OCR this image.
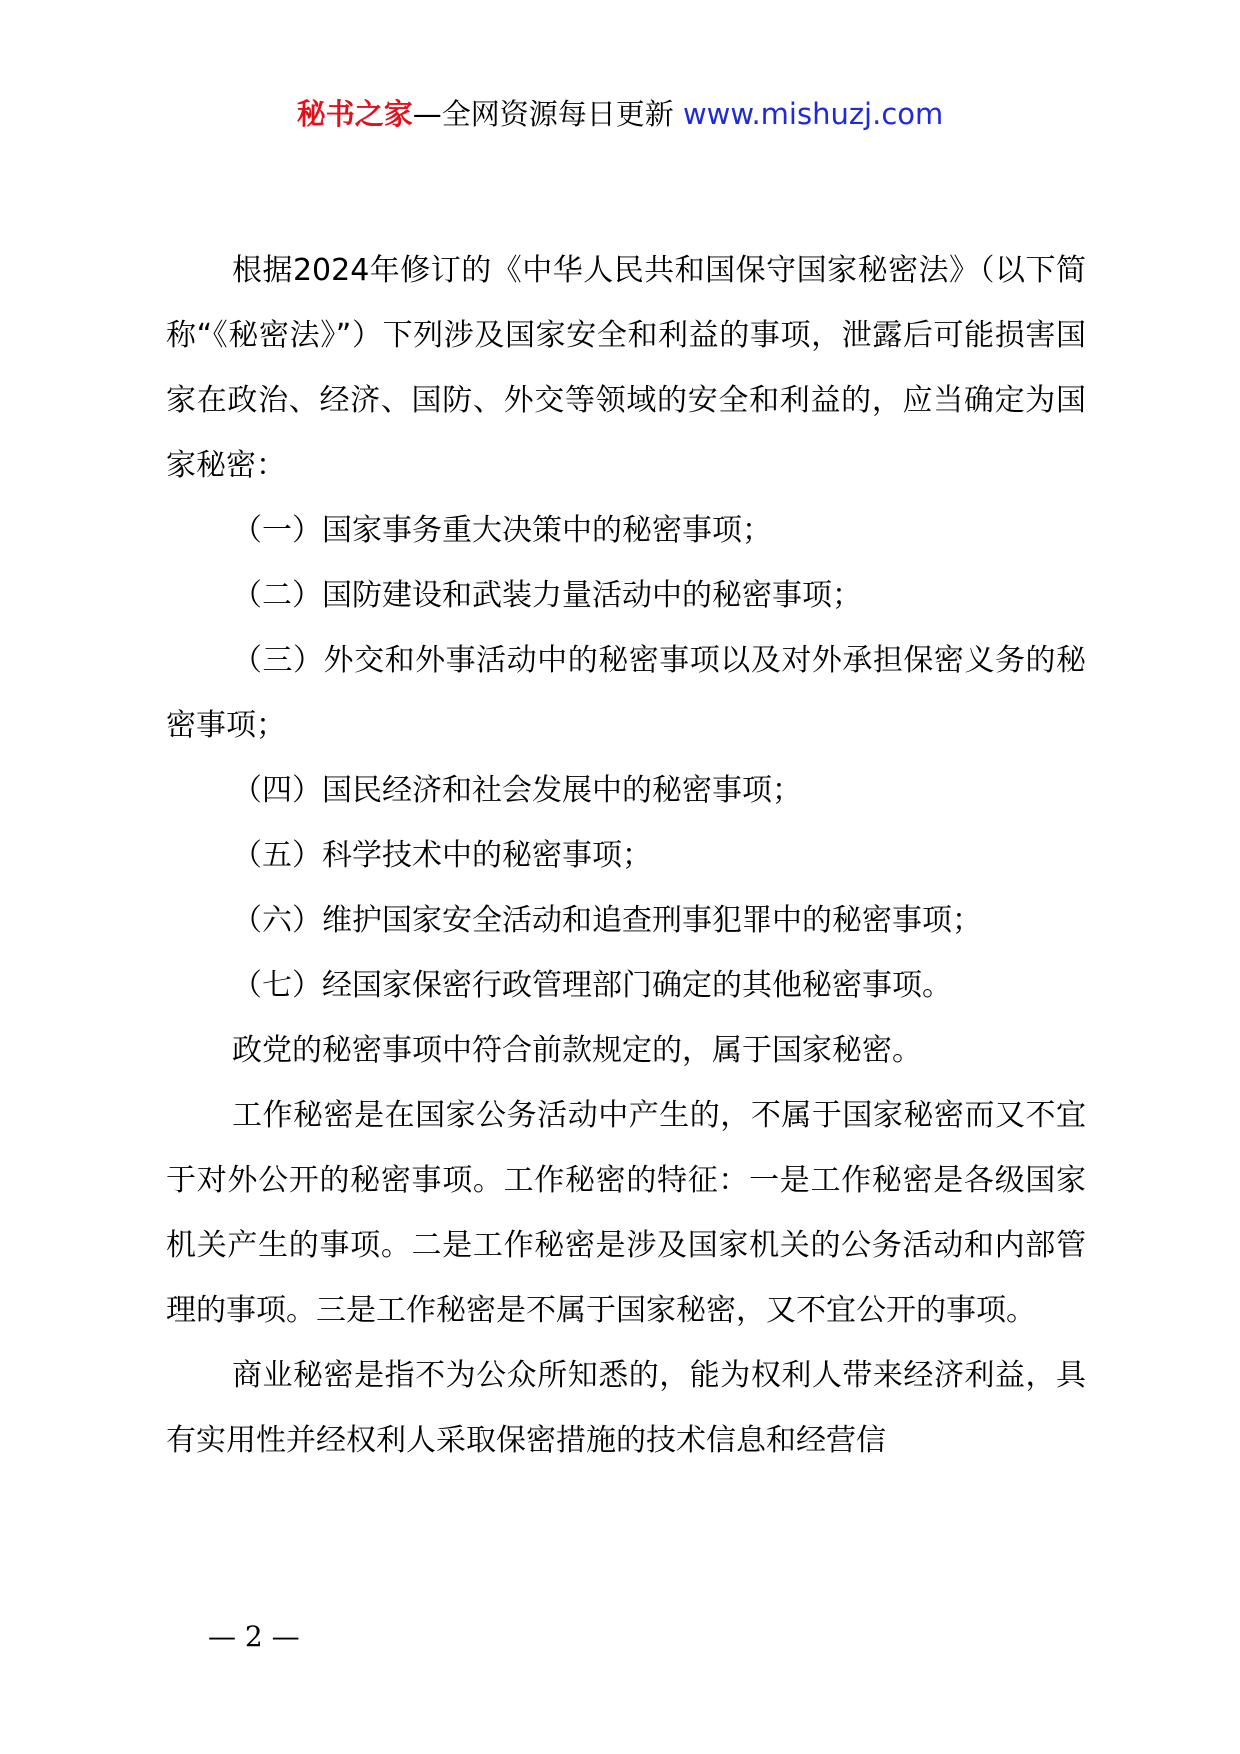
秘书之家—全网资源每日更新 www.mishuzj.com

根据2024年修订的《中华人民共和国保守国家秘密法》（以下简称“《秘密法》”）下列涉及国家安全和利益的事项，泄露后可能损害国家在政治、经济、国防、外交等领域的安全和利益的，应当确定为国家秘密：

（一）国家事务重大决策中的秘密事项；

（二）国防建设和武装力量活动中的秘密事项；

（三）外交和外事活动中的秘密事项以及对外承担保密义务的秘密事项；

（四）国民经济和社会发展中的秘密事项；

（五）科学技术中的秘密事项；

（六）维护国家安全活动和追查刑事犯罪中的秘密事项；

（七）经国家保密行政管理部门确定的其他秘密事项。

政党的秘密事项中符合前款规定的，属于国家秘密。

工作秘密是在国家公务活动中产生的，不属于国家秘密而又不宜于对外公开的秘密事项。工作秘密的特征：一是工作秘密是各级国家机关产生的事项。二是工作秘密是涉及国家机关的公务活动和内部管理的事项。三是工作秘密是不属于国家秘密，又不宜公开的事项。

商业秘密是指不为公众所知悉的，能为权利人带来经济利益，具有实用性并经权利人采取保密措施的技术信息和经营信

— 2 —
